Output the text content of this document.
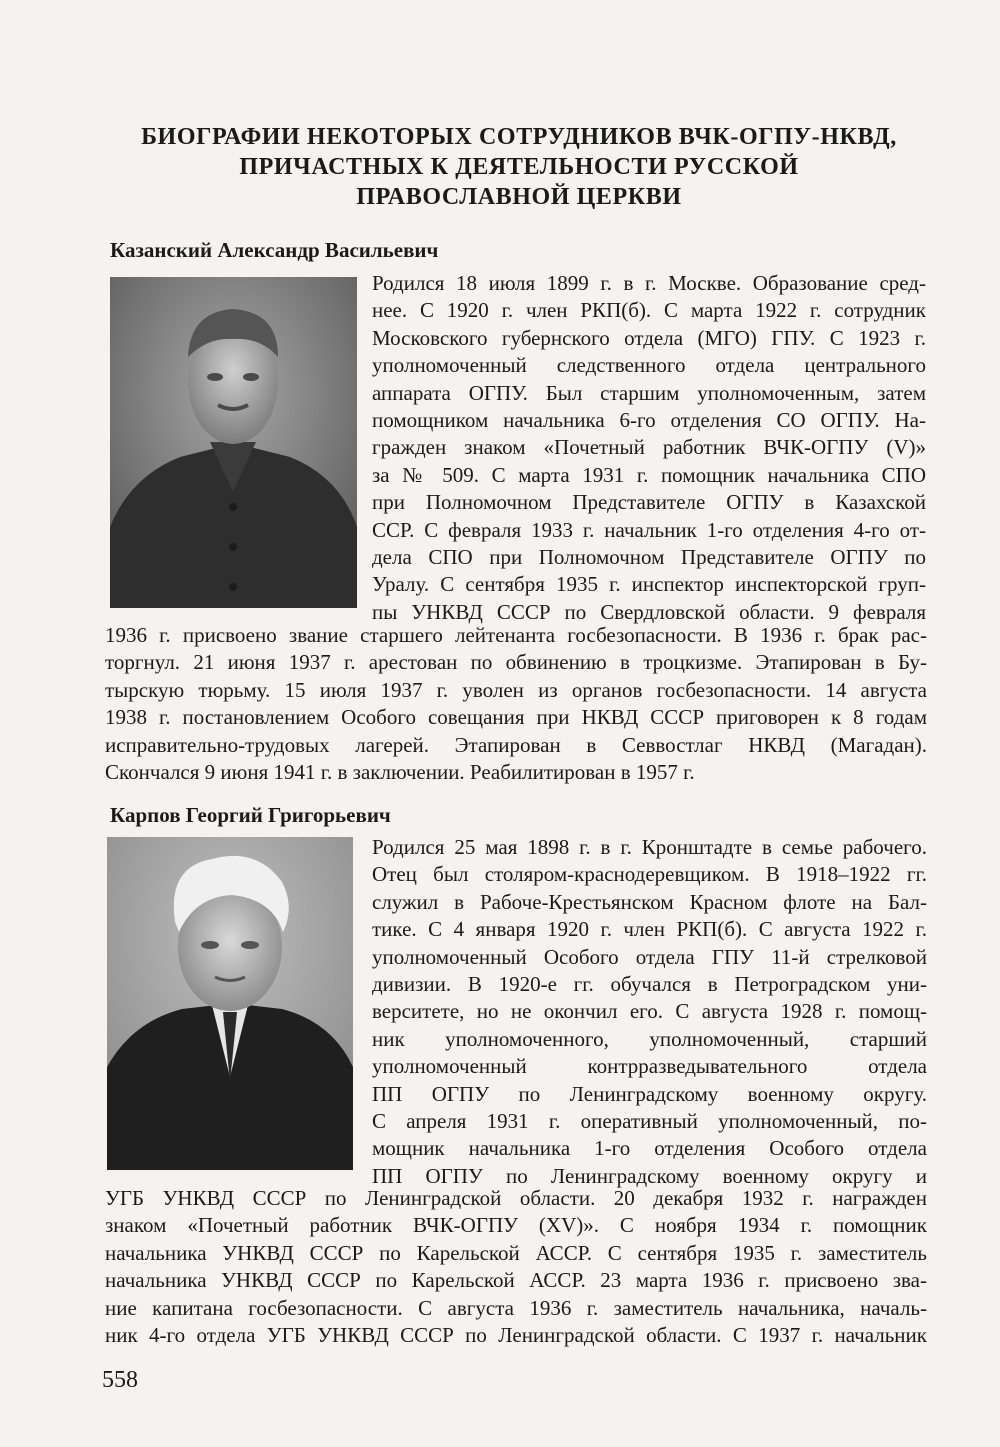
БИОГРАФИИ НЕКОТОРЫХ СОТРУДНИКОВ ВЧК-ОГПУ-НКВД,
ПРИЧАСТНЫХ К ДЕЯТЕЛЬНОСТИ РУССКОЙ
ПРАВОСЛАВНОЙ ЦЕРКВИ
Казанский Александр Васильевич
Родился 18 июля 1899 г. в г. Москве. Образование сред-
нее. С 1920 г. член РКП(б). С марта 1922 г. сотрудник
Московского губернского отдела (МГО) ГПУ. С 1923 г.
уполномоченный следственного отдела центрального
аппарата ОГПУ. Был старшим уполномоченным, затем
помощником начальника 6-го отделения СО ОГПУ. На-
гражден знаком «Почетный работник ВЧК-ОГПУ (V)»
за № 509. С марта 1931 г. помощник начальника СПО
при Полномочном Представителе ОГПУ в Казахской
ССР. С февраля 1933 г. начальник 1-го отделения 4-го от-
дела СПО при Полномочном Представителе ОГПУ по
Уралу. С сентября 1935 г. инспектор инспекторской груп-
пы УНКВД СССР по Свердловской области. 9 февраля
1936 г. присвоено звание старшего лейтенанта госбезопасности. В 1936 г. брак рас-
торгнул. 21 июня 1937 г. арестован по обвинению в троцкизме. Этапирован в Бу-
тырскую тюрьму. 15 июля 1937 г. уволен из органов госбезопасности. 14 августа
1938 г. постановлением Особого совещания при НКВД СССР приговорен к 8 годам
исправительно-трудовых лагерей. Этапирован в Севвостлаг НКВД (Магадан).
Скончался 9 июня 1941 г. в заключении. Реабилитирован в 1957 г.
Карпов Георгий Григорьевич
Родился 25 мая 1898 г. в г. Кронштадте в семье рабочего.
Отец был столяром-краснодеревщиком. В 1918–1922 гг.
служил в Рабоче-Крестьянском Красном флоте на Бал-
тике. С 4 января 1920 г. член РКП(б). С августа 1922 г.
уполномоченный Особого отдела ГПУ 11-й стрелковой
дивизии. В 1920-е гг. обучался в Петроградском уни-
верситете, но не окончил его. С августа 1928 г. помощ-
ник уполномоченного, уполномоченный, старший
уполномоченный контрразведывательного отдела
ПП ОГПУ по Ленинградскому военному округу.
С апреля 1931 г. оперативный уполномоченный, по-
мощник начальника 1-го отделения Особого отдела
ПП ОГПУ по Ленинградскому военному округу и
УГБ УНКВД СССР по Ленинградской области. 20 декабря 1932 г. награжден
знаком «Почетный работник ВЧК-ОГПУ (XV)». С ноября 1934 г. помощник
начальника УНКВД СССР по Карельской АССР. С сентября 1935 г. заместитель
начальника УНКВД СССР по Карельской АССР. 23 марта 1936 г. присвоено зва-
ние капитана госбезопасности. С августа 1936 г. заместитель начальника, началь-
ник 4-го отдела УГБ УНКВД СССР по Ленинградской области. С 1937 г. начальник
558
